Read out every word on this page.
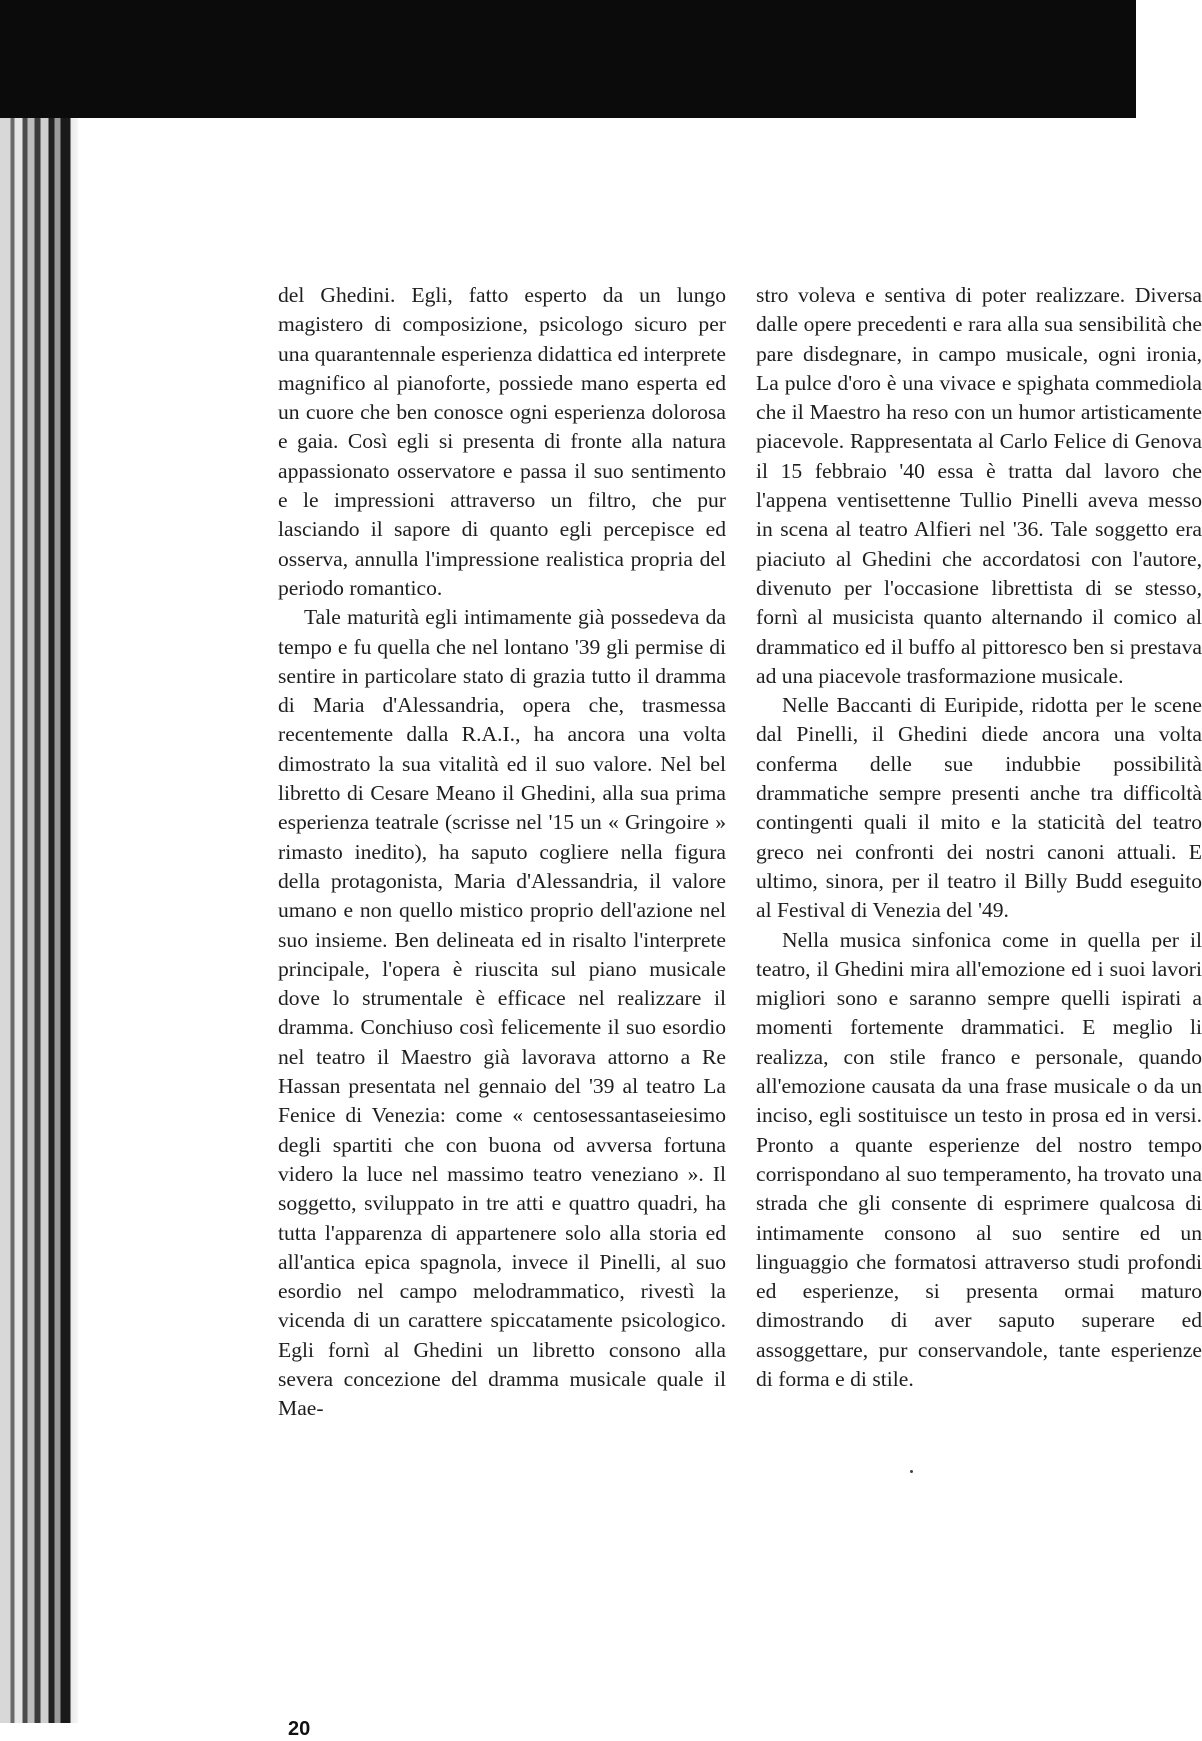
del Ghedini. Egli, fatto esperto da un lungo magistero di composizione, psicologo sicuro per una quarantennale esperienza didattica ed interprete magnifico al pianoforte, possiede mano esperta ed un cuore che ben conosce ogni esperienza dolorosa e gaia. Così egli si presenta di fronte alla natura appassionato osservatore e passa il suo sentimento e le impressioni attraverso un filtro, che pur lasciando il sapore di quanto egli percepisce ed osserva, annulla l'impressione realistica propria del periodo romantico.

Tale maturità egli intimamente già possedeva da tempo e fu quella che nel lontano '39 gli permise di sentire in particolare stato di grazia tutto il dramma di Maria d'Alessandria, opera che, trasmessa recentemente dalla R.A.I., ha ancora una volta dimostrato la sua vitalità ed il suo valore. Nel bel libretto di Cesare Meano il Ghedini, alla sua prima esperienza teatrale (scrisse nel '15 un « Gringoire » rimasto inedito), ha saputo cogliere nella figura della protagonista, Maria d'Alessandria, il valore umano e non quello mistico proprio dell'azione nel suo insieme. Ben delineata ed in risalto l'interprete principale, l'opera è riuscita sul piano musicale dove lo strumentale è efficace nel realizzare il dramma. Conchiuso così felicemente il suo esordio nel teatro il Maestro già lavorava attorno a Re Hassan presentata nel gennaio del '39 al teatro La Fenice di Venezia: come « centosessantaseiesimo degli spartiti che con buona od avversa fortuna videro la luce nel massimo teatro veneziano ». Il soggetto, sviluppato in tre atti e quattro quadri, ha tutta l'apparenza di appartenere solo alla storia ed all'antica epica spagnola, invece il Pinelli, al suo esordio nel campo melodrammatico, rivestì la vicenda di un carattere spiccatamente psicologico. Egli fornì al Ghedini un libretto consono alla severa concezione del dramma musicale quale il Mae-

stro voleva e sentiva di poter realizzare. Diversa dalle opere precedenti e rara alla sua sensibilità che pare disdegnare, in campo musicale, ogni ironia, La pulce d'oro è una vivace e spighata commediola che il Maestro ha reso con un humor artisticamente piacevole. Rappresentata al Carlo Felice di Genova il 15 febbraio '40 essa è tratta dal lavoro che l'appena ventisettenne Tullio Pinelli aveva messo in scena al teatro Alfieri nel '36. Tale soggetto era piaciuto al Ghedini che accordatosi con l'autore, divenuto per l'occasione librettista di se stesso, fornì al musicista quanto alternando il comico al drammatico ed il buffo al pittoresco ben si prestava ad una piacevole trasformazione musicale.

Nelle Baccanti di Euripide, ridotta per le scene dal Pinelli, il Ghedini diede ancora una volta conferma delle sue indubbie possibilità drammatiche sempre presenti anche tra difficoltà contingenti quali il mito e la staticità del teatro greco nei confronti dei nostri canoni attuali. E ultimo, sinora, per il teatro il Billy Budd eseguito al Festival di Venezia del '49.

Nella musica sinfonica come in quella per il teatro, il Ghedini mira all'emozione ed i suoi lavori migliori sono e saranno sempre quelli ispirati a momenti fortemente drammatici. E meglio li realizza, con stile franco e personale, quando all'emozione causata da una frase musicale o da un inciso, egli sostituisce un testo in prosa ed in versi. Pronto a quante esperienze del nostro tempo corrispondano al suo temperamento, ha trovato una strada che gli consente di esprimere qualcosa di intimamente consono al suo sentire ed un linguaggio che formatosi attraverso studi profondi ed esperienze, si presenta ormai maturo dimostrando di aver saputo superare ed assoggettare, pur conservandole, tante esperienze di forma e di stile.

20
